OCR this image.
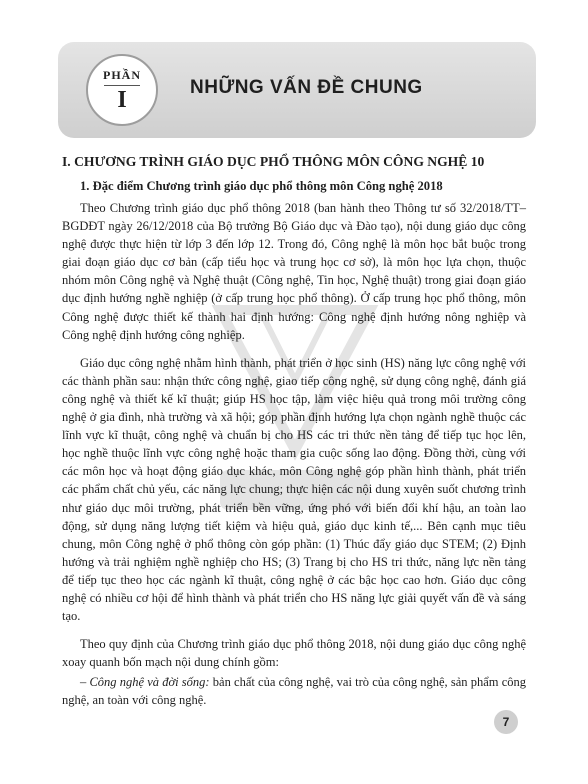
PHẦN
I	NHỮNG VẤN ĐỀ CHUNG
I. CHƯƠNG TRÌNH GIÁO DỤC PHỔ THÔNG MÔN CÔNG NGHỆ 10
1. Đặc điểm Chương trình giáo dục phổ thông môn Công nghệ 2018

Theo Chương trình giáo dục phổ thông 2018 (ban hành theo Thông tư số 32/2018/TT–BGDĐT ngày 26/12/2018 của Bộ trưởng Bộ Giáo dục và Đào tạo), nội dung giáo dục công nghệ được thực hiện từ lớp 3 đến lớp 12. Trong đó, Công nghệ là môn học bắt buộc trong giai đoạn giáo dục cơ bản (cấp tiểu học và trung học cơ sở), là môn học lựa chọn, thuộc nhóm môn Công nghệ và Nghệ thuật (Công nghệ, Tin học, Nghệ thuật) trong giai đoạn giáo dục định hướng nghề nghiệp (ở cấp trung học phổ thông). Ở cấp trung học phổ thông, môn Công nghệ được thiết kế thành hai định hướng: Công nghệ định hướng nông nghiệp và Công nghệ định hướng công nghiệp.

Giáo dục công nghệ nhằm hình thành, phát triển ở học sinh (HS) năng lực công nghệ với các thành phần sau: nhận thức công nghệ, giao tiếp công nghệ, sử dụng công nghệ, đánh giá công nghệ và thiết kế kĩ thuật; giúp HS học tập, làm việc hiệu quả trong môi trường công nghệ ở gia đình, nhà trường và xã hội; góp phần định hướng lựa chọn ngành nghề thuộc các lĩnh vực kĩ thuật, công nghệ và chuẩn bị cho HS các tri thức nền tảng để tiếp tục học lên, học nghề thuộc lĩnh vực công nghệ hoặc tham gia cuộc sống lao động. Đồng thời, cùng với các môn học và hoạt động giáo dục khác, môn Công nghệ góp phần hình thành, phát triển các phẩm chất chủ yếu, các năng lực chung; thực hiện các nội dung xuyên suốt chương trình như giáo dục môi trường, phát triển bền vững, ứng phó với biến đổi khí hậu, an toàn lao động, sử dụng năng lượng tiết kiệm và hiệu quả, giáo dục kinh tế,... Bên cạnh mục tiêu chung, môn Công nghệ ở phổ thông còn góp phần: (1) Thúc đẩy giáo dục STEM; (2) Định hướng và trải nghiệm nghề nghiệp cho HS; (3) Trang bị cho HS tri thức, năng lực nền tảng để tiếp tục theo học các ngành kĩ thuật, công nghệ ở các bậc học cao hơn. Giáo dục công nghệ có nhiều cơ hội để hình thành và phát triển cho HS năng lực giải quyết vấn đề và sáng tạo.

Theo quy định của Chương trình giáo dục phổ thông 2018, nội dung giáo dục công nghệ xoay quanh bốn mạch nội dung chính gồm:

– Công nghệ và đời sống: bản chất của công nghệ, vai trò của công nghệ, sản phẩm công nghệ, an toàn với công nghệ.

7
